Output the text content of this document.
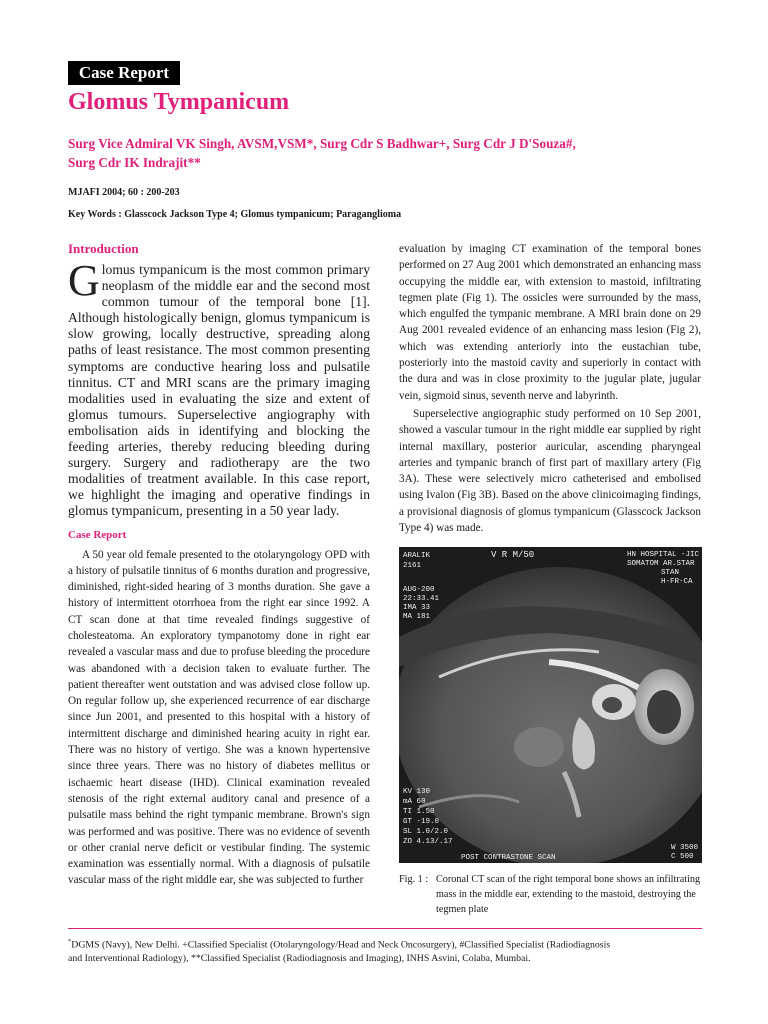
Case Report
Glomus Tympanicum
Surg Vice Admiral VK Singh, AVSM,VSM*, Surg Cdr S Badhwar+, Surg Cdr J D'Souza#,
Surg Cdr IK Indrajit**
MJAFI 2004; 60 : 200-203
Key Words : Glasscock Jackson Type 4; Glomus tympanicum; Paraganglioma
Introduction

Glomus tympanicum is the most common primary neoplasm of the middle ear and the second most common tumour of the temporal bone [1]. Although histologically benign, glomus tympanicum is slow growing, locally destructive, spreading along paths of least resistance. The most common presenting symptoms are conductive hearing loss and pulsatile tinnitus. CT and MRI scans are the primary imaging modalities used in evaluating the size and extent of glomus tumours. Superselective angiography with embolisation aids in identifying and blocking the feeding arteries, thereby reducing bleeding during surgery. Surgery and radiotherapy are the two modalities of treatment available. In this case report, we highlight the imaging and operative findings in glomus tympanicum, presenting in a 50 year lady.

Case Report

A 50 year old female presented to the otolaryngology OPD with a history of pulsatile tinnitus of 6 months duration and progressive, diminished, right-sided hearing of 3 months duration. She gave a history of intermittent otorrhoea from the right ear since 1992. A CT scan done at that time revealed findings suggestive of cholesteatoma. An exploratory tympanotomy done in right ear revealed a vascular mass and due to profuse bleeding the procedure was abandoned with a decision taken to evaluate further. The patient thereafter went outstation and was advised close follow up. On regular follow up, she experienced recurrence of ear discharge since Jun 2001, and presented to this hospital with a history of intermittent discharge and diminished hearing acuity in right ear. There was no history of vertigo. She was a known hypertensive since three years. There was no history of diabetes mellitus or ischaemic heart disease (IHD). Clinical examination revealed stenosis of the right external auditory canal and presence of a pulsatile mass behind the right tympanic membrane. Brown's sign was performed and was positive. There was no evidence of seventh or other cranial nerve deficit or vestibular finding. The systemic examination was essentially normal. With a diagnosis of pulsatile vascular mass of the right middle ear, she was subjected to further

evaluation by imaging CT examination of the temporal bones performed on 27 Aug 2001 which demonstrated an enhancing mass occupying the middle ear, with extension to mastoid, infiltrating tegmen plate (Fig 1). The ossicles were surrounded by the mass, which engulfed the tympanic membrane. A MRI brain done on 29 Aug 2001 revealed evidence of an enhancing mass lesion (Fig 2), which was extending anteriorly into the eustachian tube, posteriorly into the mastoid cavity and superiorly in contact with the dura and was in close proximity to the jugular plate, jugular vein, sigmoid sinus, seventh nerve and labyrinth.

Superselective angiographic study performed on 10 Sep 2001, showed a vascular tumour in the right middle ear supplied by right internal maxillary, posterior auricular, ascending pharyngeal arteries and tympanic branch of first part of maxillary artery (Fig 3A). These were selectively micro catheterised and embolised using Ivalon (Fig 3B). Based on the above clinicoimaging findings, a provisional diagnosis of glomus tympanicum (Glasscock Jackson Type 4) was made.

ARALIK
2161
V R M/50	HN HOSPITAL -JIC
SOMATOM AR.STAR
STAN
H-FR-CA
AUG-200
22:33.41
IMA 33
MA 181
KV 130
mA 60
TI 1.50
GT -19.0
SL 1.0/2.0
ZO 4.13/.17
POST CONTRASTONE SCAN
W 3500
C 500
Fig. 1 : Coronal CT scan of the right temporal bone shows an infiltrating mass in the middle ear, extending to the mastoid, destroying the tegmen plate
*DGMS (Navy), New Delhi. +Classified Specialist (Otolaryngology/Head and Neck Oncosurgery), #Classified Specialist (Radiodiagnosis
and Interventional Radiology), **Classified Specialist (Radiodiagnosis and Imaging), INHS Asvini, Colaba, Mumbai.
